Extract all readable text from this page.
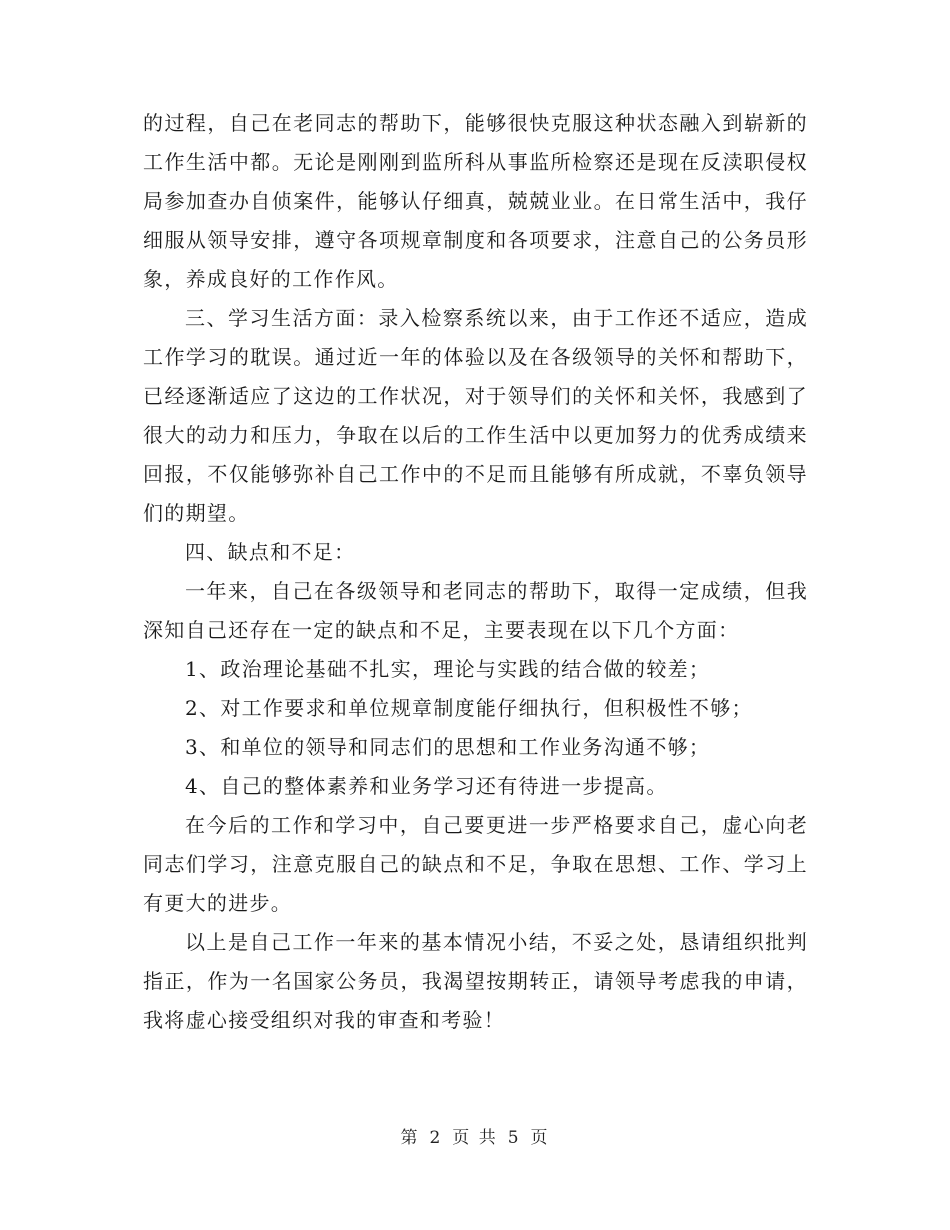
的过程，自己在老同志的帮助下，能够很快克服这种状态融入到崭新的工作生活中都。无论是刚刚到监所科从事监所检察还是现在反渎职侵权局参加查办自侦案件，能够认仔细真，兢兢业业。在日常生活中，我仔细服从领导安排，遵守各项规章制度和各项要求，注意自己的公务员形象，养成良好的工作作风。

三、学习生活方面：录入检察系统以来，由于工作还不适应，造成工作学习的耽误。通过近一年的体验以及在各级领导的关怀和帮助下，已经逐渐适应了这边的工作状况，对于领导们的关怀和关怀，我感到了很大的动力和压力，争取在以后的工作生活中以更加努力的优秀成绩来回报，不仅能够弥补自己工作中的不足而且能够有所成就，不辜负领导们的期望。

四、缺点和不足：

一年来，自己在各级领导和老同志的帮助下，取得一定成绩，但我深知自己还存在一定的缺点和不足，主要表现在以下几个方面：

1、政治理论基础不扎实，理论与实践的结合做的较差；

2、对工作要求和单位规章制度能仔细执行，但积极性不够；

3、和单位的领导和同志们的思想和工作业务沟通不够；

4、自己的整体素养和业务学习还有待进一步提高。

在今后的工作和学习中，自己要更进一步严格要求自己，虚心向老同志们学习，注意克服自己的缺点和不足，争取在思想、工作、学习上有更大的进步。

以上是自己工作一年来的基本情况小结，不妥之处，恳请组织批判指正，作为一名国家公务员，我渴望按期转正，请领导考虑我的申请，我将虚心接受组织对我的审查和考验！

第 2 页 共 5 页
